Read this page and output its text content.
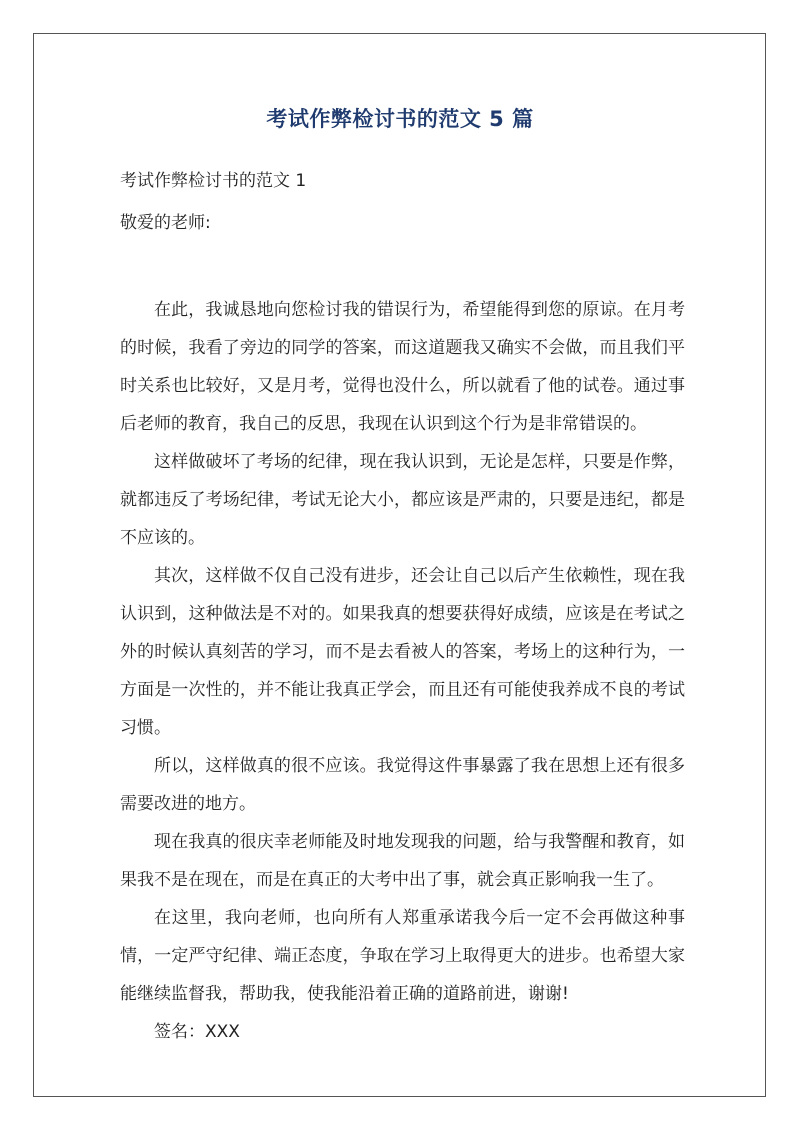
考试作弊检讨书的范文 5 篇
考试作弊检讨书的范文 1
敬爱的老师:

在此，我诚恳地向您检讨我的错误行为，希望能得到您的原谅。在月考的时候，我看了旁边的同学的答案，而这道题我又确实不会做，而且我们平时关系也比较好，又是月考，觉得也没什么，所以就看了他的试卷。通过事后老师的教育，我自己的反思，我现在认识到这个行为是非常错误的。

这样做破坏了考场的纪律，现在我认识到，无论是怎样，只要是作弊，就都违反了考场纪律，考试无论大小，都应该是严肃的，只要是违纪，都是不应该的。

其次，这样做不仅自己没有进步，还会让自己以后产生依赖性，现在我认识到，这种做法是不对的。如果我真的想要获得好成绩，应该是在考试之外的时候认真刻苦的学习，而不是去看被人的答案，考场上的这种行为，一方面是一次性的，并不能让我真正学会，而且还有可能使我养成不良的考试习惯。

所以，这样做真的很不应该。我觉得这件事暴露了我在思想上还有很多需要改进的地方。

现在我真的很庆幸老师能及时地发现我的问题，给与我警醒和教育，如果我不是在现在，而是在真正的大考中出了事，就会真正影响我一生了。

在这里，我向老师，也向所有人郑重承诺我今后一定不会再做这种事情，一定严守纪律、端正态度，争取在学习上取得更大的进步。也希望大家能继续监督我，帮助我，使我能沿着正确的道路前进，谢谢!

签名：XXX
